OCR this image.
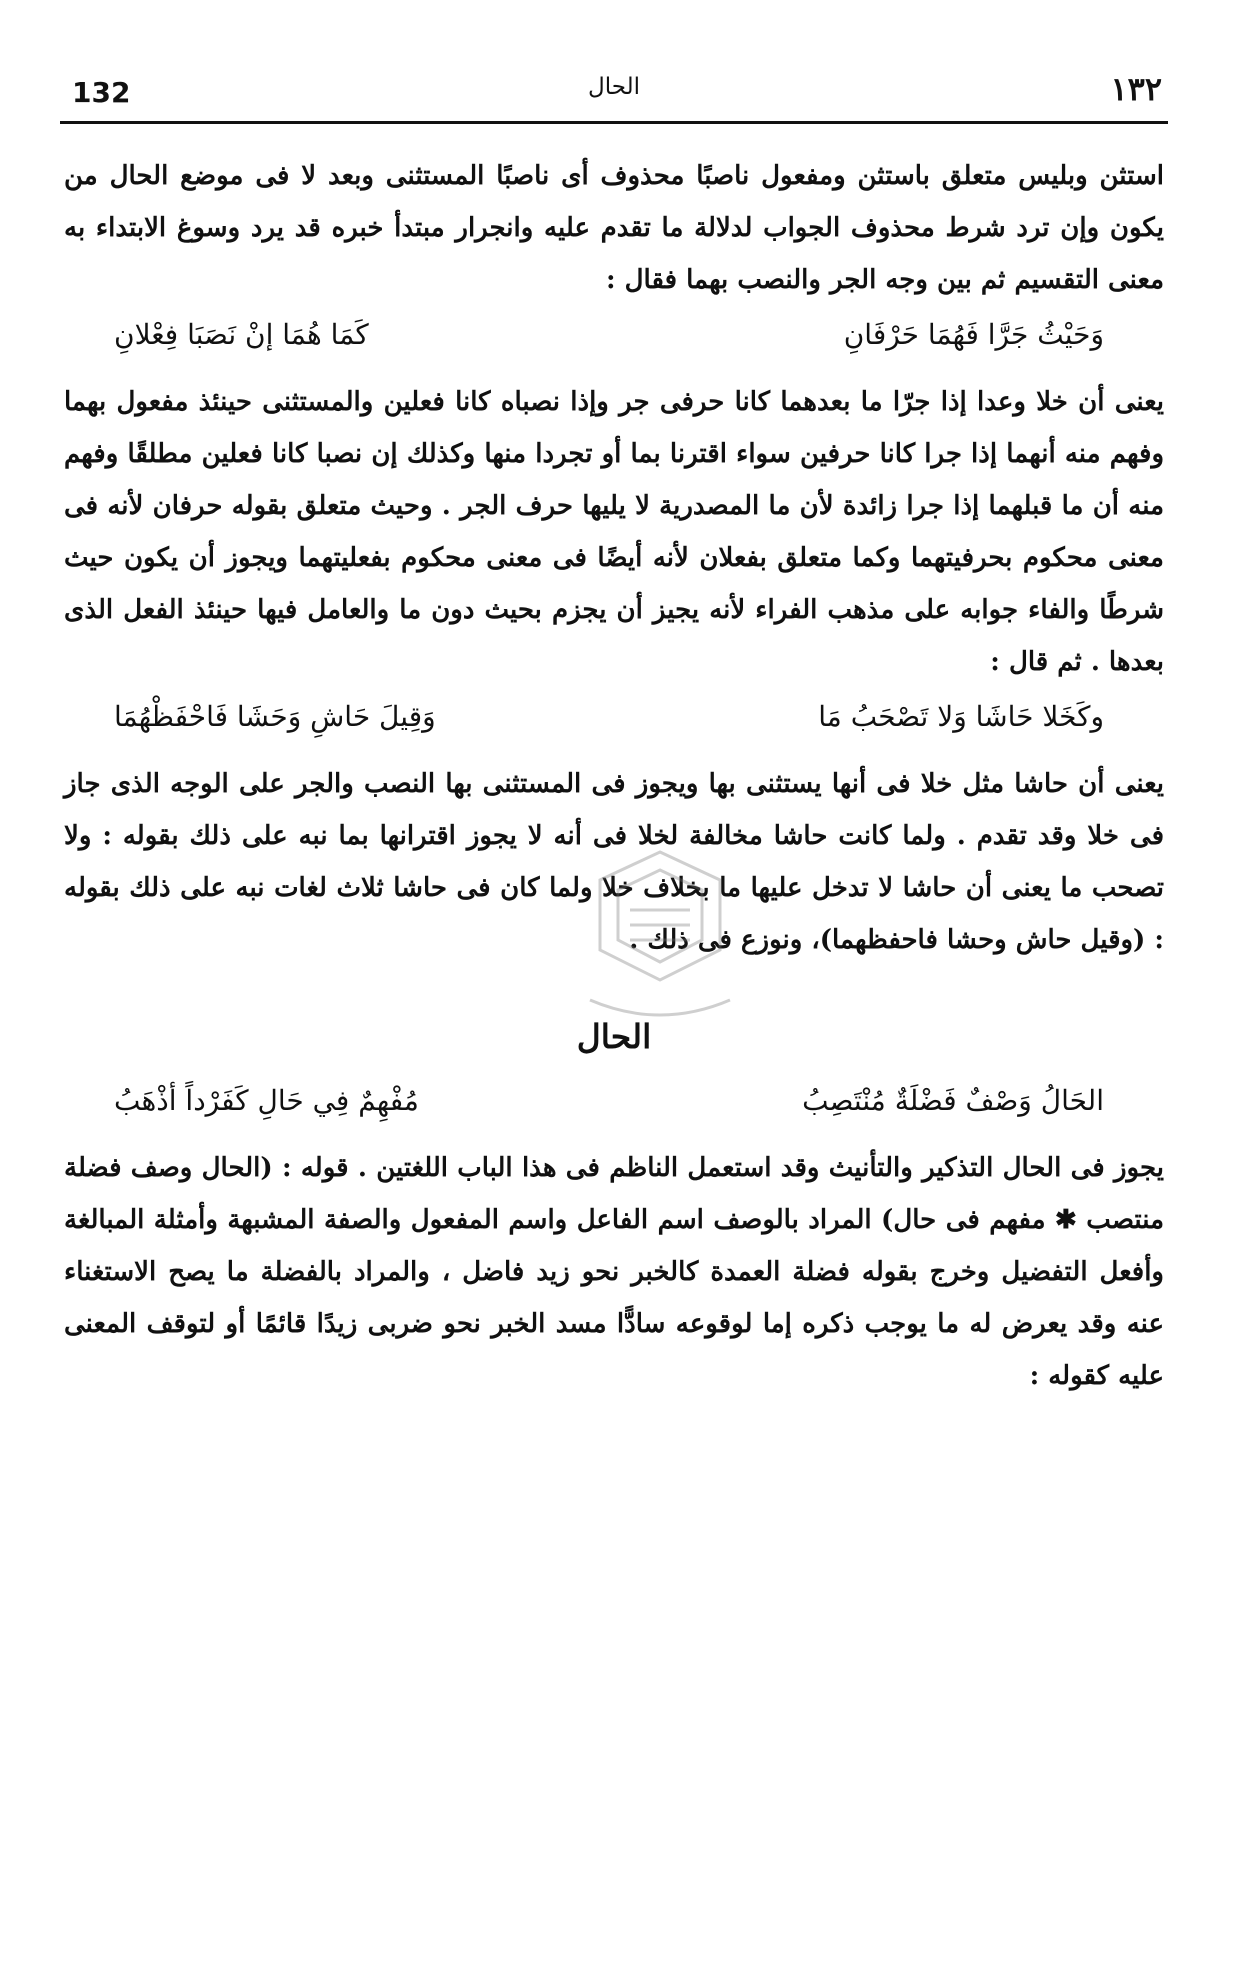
132	الحال	١٣٢

استثن وبليس متعلق باستثن ومفعول ناصبًا محذوف أى ناصبًا المستثنى وبعد لا فى موضع الحال من يكون وإن ترد شرط محذوف الجواب لدلالة ما تقدم عليه وانجرار مبتدأ خبره قد يرد وسوغ الابتداء به معنى التقسيم ثم بين وجه الجر والنصب بهما فقال :

وَحَيْثُ جَرَّا فَهُمَا حَرْفَانِ
كَمَا هُمَا إنْ نَصَبَا فِعْلانِ

يعنى أن خلا وعدا إذا جرّا ما بعدهما كانا حرفى جر وإذا نصباه كانا فعلين والمستثنى حينئذ مفعول بهما وفهم منه أنهما إذا جرا كانا حرفين سواء اقترنا بما أو تجردا منها وكذلك إن نصبا كانا فعلين مطلقًا وفهم منه أن ما قبلهما إذا جرا زائدة لأن ما المصدرية لا يليها حرف الجر . وحيث متعلق بقوله حرفان لأنه فى معنى محكوم بحرفيتهما وكما متعلق بفعلان لأنه أيضًا فى معنى محكوم بفعليتهما ويجوز أن يكون حيث شرطًا والفاء جوابه على مذهب الفراء لأنه يجيز أن يجزم بحيث دون ما والعامل فيها حينئذ الفعل الذى بعدها . ثم قال :

وكَخَلا حَاشَا وَلا تَصْحَبُ مَا
وَقِيلَ حَاشِ وَحَشَا فَاحْفَظْهُمَا

يعنى أن حاشا مثل خلا فى أنها يستثنى بها ويجوز فى المستثنى بها النصب والجر على الوجه الذى جاز فى خلا وقد تقدم . ولما كانت حاشا مخالفة لخلا فى أنه لا يجوز اقترانها بما نبه على ذلك بقوله : ولا تصحب ما يعنى أن حاشا لا تدخل عليها ما بخلاف خلا ولما كان فى حاشا ثلاث لغات نبه على ذلك بقوله : (وقيل حاش وحشا فاحفظهما)، ونوزع فى ذلك .

الحال
الحَالُ وَصْفٌ فَضْلَةٌ مُنْتَصِبُ
مُفْهِمٌ فِي حَالِ كَفَرْداً أذْهَبُ

يجوز فى الحال التذكير والتأنيث وقد استعمل الناظم فى هذا الباب اللغتين . قوله : (الحال وصف فضلة منتصب ✱ مفهم فى حال) المراد بالوصف اسم الفاعل واسم المفعول والصفة المشبهة وأمثلة المبالغة وأفعل التفضيل وخرج بقوله فضلة العمدة كالخبر نحو زيد فاضل ، والمراد بالفضلة ما يصح الاستغناء عنه وقد يعرض له ما يوجب ذكره إما لوقوعه سادًّا مسد الخبر نحو ضربى زيدًا قائمًا أو لتوقف المعنى عليه كقوله :
